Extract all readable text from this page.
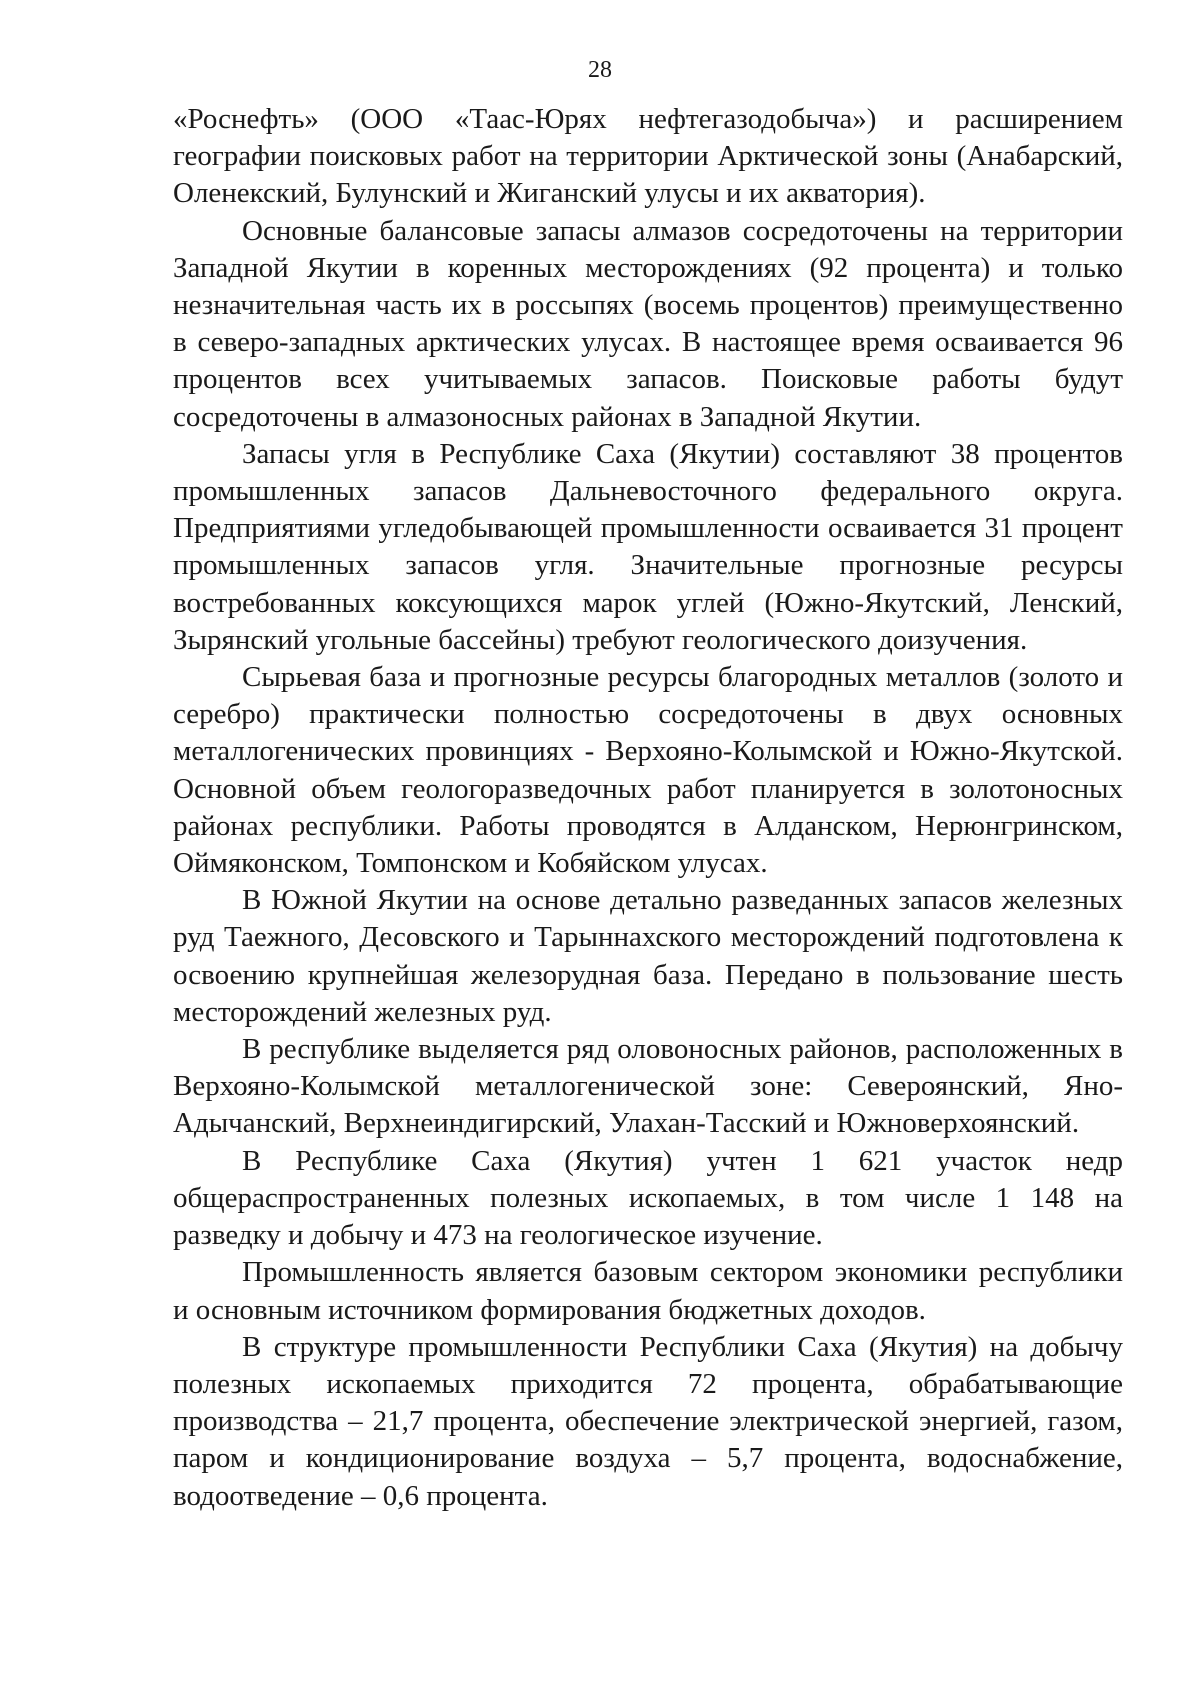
28

«Роснефть» (ООО «Таас-Юрях нефтегазодобыча») и расширением географии поисковых работ на территории Арктической зоны (Анабарский, Оленекский, Булунский и Жиганский улусы и их акватория).

Основные балансовые запасы алмазов сосредоточены на территории Западной Якутии в коренных месторождениях (92 процента) и только незначительная часть их в россыпях (восемь процентов) преимущественно в северо-западных арктических улусах. В настоящее время осваивается 96 процентов всех учитываемых запасов. Поисковые работы будут сосредоточены в алмазоносных районах в Западной Якутии.

Запасы угля в Республике Саха (Якутии) составляют 38 процентов промышленных запасов Дальневосточного федерального округа. Предприятиями угледобывающей промышленности осваивается 31 процент промышленных запасов угля. Значительные прогнозные ресурсы востребованных коксующихся марок углей (Южно-Якутский, Ленский, Зырянский угольные бассейны) требуют геологического доизучения.

Сырьевая база и прогнозные ресурсы благородных металлов (золото и серебро) практически полностью сосредоточены в двух основных металлогенических провинциях - Верхояно-Колымской и Южно-Якутской. Основной объем геологоразведочных работ планируется в золотоносных районах республики. Работы проводятся в Алданском, Нерюнгринском, Оймяконском, Томпонском и Кобяйском улусах.

В Южной Якутии на основе детально разведанных запасов железных руд Таежного, Десовского и Тарыннахского месторождений подготовлена к освоению крупнейшая железорудная база. Передано в пользование шесть месторождений железных руд.

В республике выделяется ряд оловоносных районов, расположенных в Верхояно-Колымской металлогенической зоне: Североянский, Яно-Адычанский, Верхнеиндигирский, Улахан-Тасский и Южноверхоянский.

В Республике Саха (Якутия) учтен 1 621 участок недр общераспространенных полезных ископаемых, в том числе 1 148 на разведку и добычу и 473 на геологическое изучение.

Промышленность является базовым сектором экономики республики и основным источником формирования бюджетных доходов.

В структуре промышленности Республики Саха (Якутия) на добычу полезных ископаемых приходится 72 процента, обрабатывающие производства – 21,7 процента, обеспечение электрической энергией, газом, паром и кондиционирование воздуха – 5,7 процента, водоснабжение, водоотведение – 0,6 процента.
